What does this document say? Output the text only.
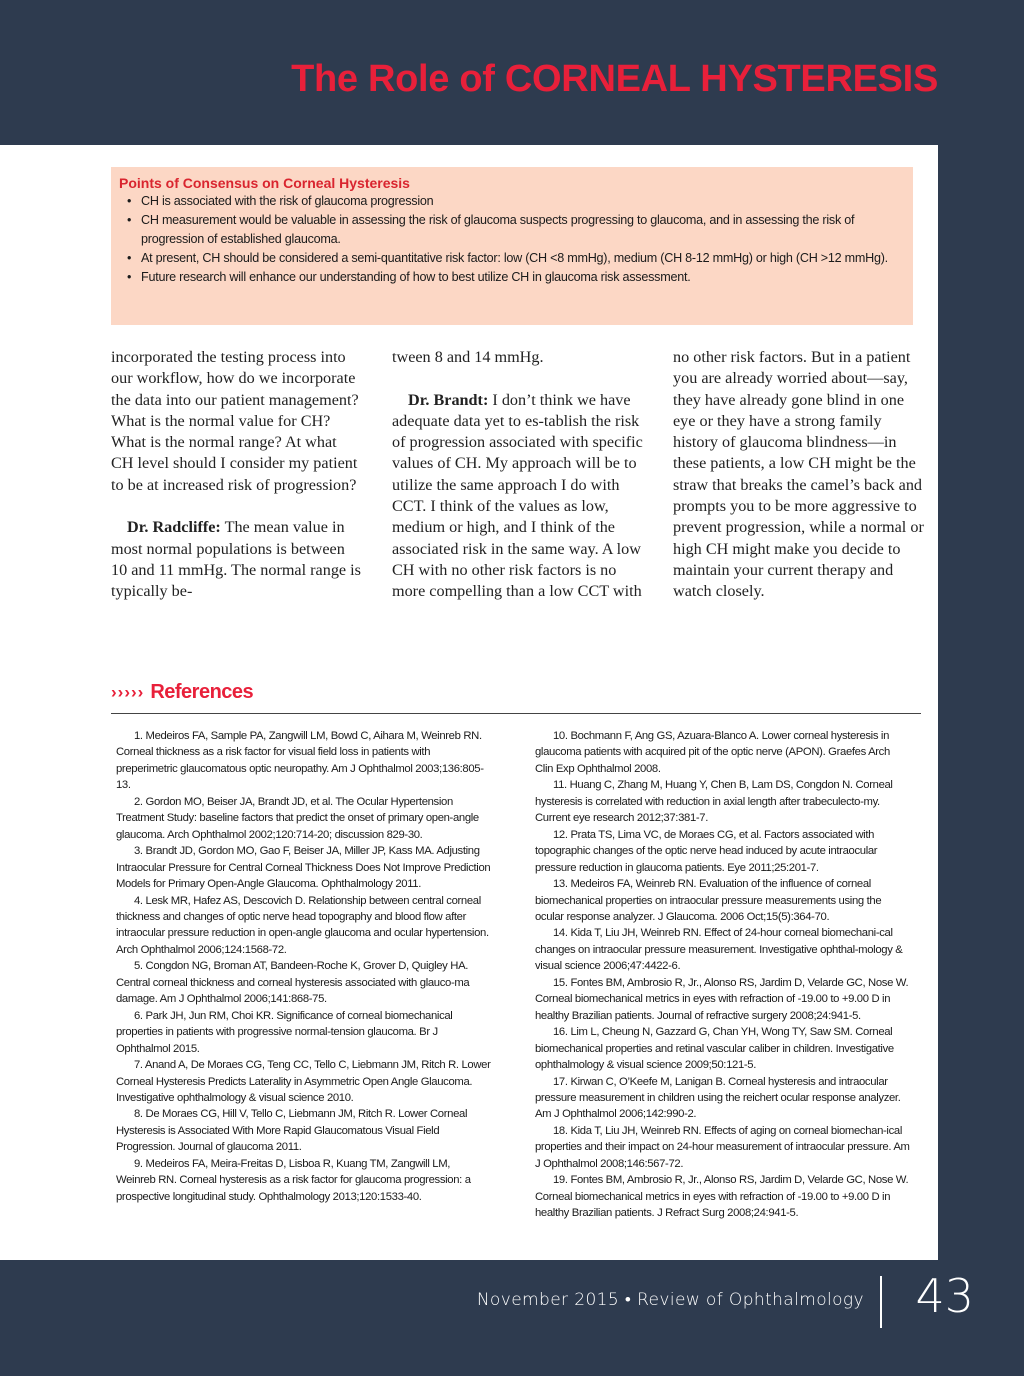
The Role of CORNEAL HYSTERESIS
Points of Consensus on Corneal Hysteresis
• CH is associated with the risk of glaucoma progression
• CH measurement would be valuable in assessing the risk of glaucoma suspects progressing to glaucoma, and in assessing the risk of progression of established glaucoma.
• At present, CH should be considered a semi-quantitative risk factor: low (CH <8 mmHg), medium (CH 8-12 mmHg) or high (CH >12 mmHg).
• Future research will enhance our understanding of how to best utilize CH in glaucoma risk assessment.

incorporated the testing process into our workflow, how do we incorporate the data into our patient management? What is the normal value for CH? What is the normal range? At what CH level should I consider my patient to be at increased risk of progression?

Dr. Radcliffe: The mean value in most normal populations is between 10 and 11 mmHg. The normal range is typically be-

tween 8 and 14 mmHg.

Dr. Brandt: I don’t think we have adequate data yet to es-tablish the risk of progression associated with specific values of CH. My approach will be to utilize the same approach I do with CCT. I think of the values as low, medium or high, and I think of the associated risk in the same way. A low CH with no other risk factors is no more compelling than a low CCT with

no other risk factors. But in a patient you are already worried about—say, they have already gone blind in one eye or they have a strong family history of glaucoma blindness—in these patients, a low CH might be the straw that breaks the camel’s back and prompts you to be more aggressive to prevent progression, while a normal or high CH might make you decide to maintain your current therapy and watch closely.

››››› References

1. Medeiros FA, Sample PA, Zangwill LM, Bowd C, Aihara M, Weinreb RN. Corneal thickness as a risk factor for visual field loss in patients with preperimetric glaucomatous optic neuropathy. Am J Ophthalmol 2003;136:805-13.

2. Gordon MO, Beiser JA, Brandt JD, et al. The Ocular Hypertension Treatment Study: baseline factors that predict the onset of primary open-angle glaucoma. Arch Ophthalmol 2002;120:714-20; discussion 829-30.

3. Brandt JD, Gordon MO, Gao F, Beiser JA, Miller JP, Kass MA. Adjusting Intraocular Pressure for Central Corneal Thickness Does Not Improve Prediction Models for Primary Open-Angle Glaucoma. Ophthalmology 2011.

4. Lesk MR, Hafez AS, Descovich D. Relationship between central corneal thickness and changes of optic nerve head topography and blood flow after intraocular pressure reduction in open-angle glaucoma and ocular hypertension. Arch Ophthalmol 2006;124:1568-72.

5. Congdon NG, Broman AT, Bandeen-Roche K, Grover D, Quigley HA. Central corneal thickness and corneal hysteresis associated with glauco-ma damage. Am J Ophthalmol 2006;141:868-75.

6. Park JH, Jun RM, Choi KR. Significance of corneal biomechanical properties in patients with progressive normal-tension glaucoma. Br J Ophthalmol 2015.

7. Anand A, De Moraes CG, Teng CC, Tello C, Liebmann JM, Ritch R. Lower Corneal Hysteresis Predicts Laterality in Asymmetric Open Angle Glaucoma. Investigative ophthalmology & visual science 2010.

8. De Moraes CG, Hill V, Tello C, Liebmann JM, Ritch R. Lower Corneal Hysteresis is Associated With More Rapid Glaucomatous Visual Field Progression. Journal of glaucoma 2011.

9. Medeiros FA, Meira-Freitas D, Lisboa R, Kuang TM, Zangwill LM, Weinreb RN. Corneal hysteresis as a risk factor for glaucoma progression: a prospective longitudinal study. Ophthalmology 2013;120:1533-40.

10. Bochmann F, Ang GS, Azuara-Blanco A. Lower corneal hysteresis in glaucoma patients with acquired pit of the optic nerve (APON). Graefes Arch Clin Exp Ophthalmol 2008.

11. Huang C, Zhang M, Huang Y, Chen B, Lam DS, Congdon N. Corneal hysteresis is correlated with reduction in axial length after trabeculecto-my. Current eye research 2012;37:381-7.

12. Prata TS, Lima VC, de Moraes CG, et al. Factors associated with topographic changes of the optic nerve head induced by acute intraocular pressure reduction in glaucoma patients. Eye 2011;25:201-7.

13. Medeiros FA, Weinreb RN. Evaluation of the influence of corneal biomechanical properties on intraocular pressure measurements using the ocular response analyzer. J Glaucoma. 2006 Oct;15(5):364-70.

14. Kida T, Liu JH, Weinreb RN. Effect of 24-hour corneal biomechani-cal changes on intraocular pressure measurement. Investigative ophthal-mology & visual science 2006;47:4422-6.

15. Fontes BM, Ambrosio R, Jr., Alonso RS, Jardim D, Velarde GC, Nose W. Corneal biomechanical metrics in eyes with refraction of -19.00 to +9.00 D in healthy Brazilian patients. Journal of refractive surgery 2008;24:941-5.

16. Lim L, Cheung N, Gazzard G, Chan YH, Wong TY, Saw SM. Corneal biomechanical properties and retinal vascular caliber in children. Investigative ophthalmology & visual science 2009;50:121-5.

17. Kirwan C, O’Keefe M, Lanigan B. Corneal hysteresis and intraocular pressure measurement in children using the reichert ocular response analyzer. Am J Ophthalmol 2006;142:990-2.

18. Kida T, Liu JH, Weinreb RN. Effects of aging on corneal biomechan-ical properties and their impact on 24-hour measurement of intraocular pressure. Am J Ophthalmol 2008;146:567-72.

19. Fontes BM, Ambrosio R, Jr., Alonso RS, Jardim D, Velarde GC, Nose W. Corneal biomechanical metrics in eyes with refraction of -19.00 to +9.00 D in healthy Brazilian patients. J Refract Surg 2008;24:941-5.

November 2015 • Review of Ophthalmology 43
